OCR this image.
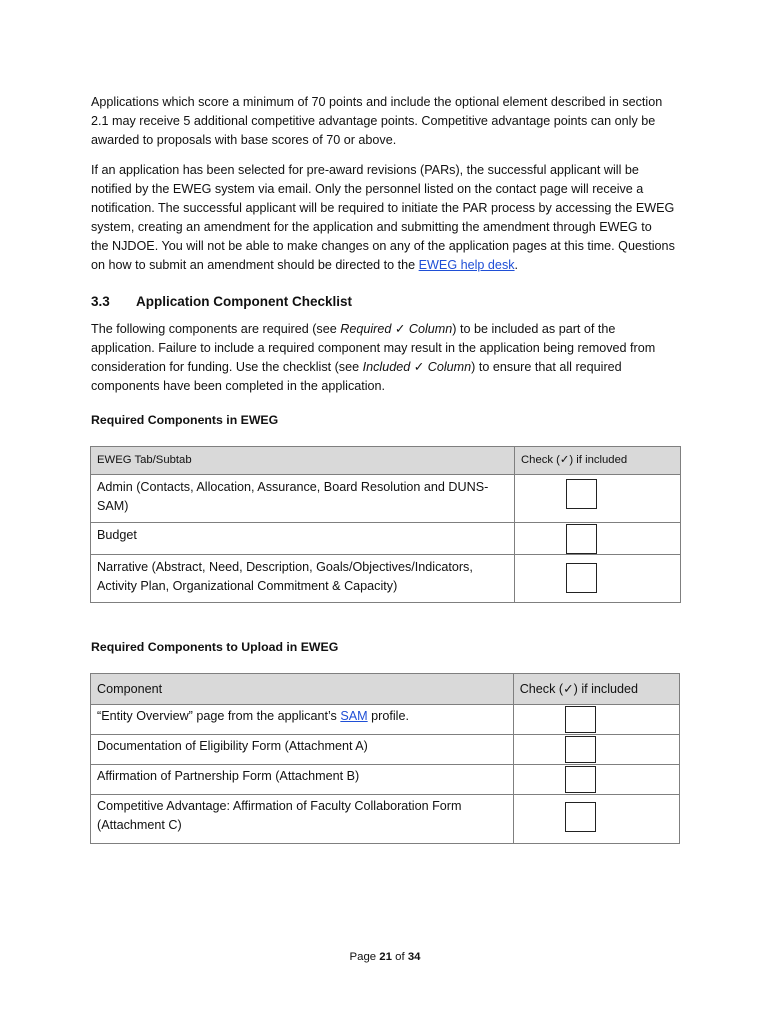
Applications which score a minimum of 70 points and include the optional element described in section
2.1 may receive 5 additional competitive advantage points. Competitive advantage points can only be
awarded to proposals with base scores of 70 or above.

If an application has been selected for pre-award revisions (PARs), the successful applicant will be
notified by the EWEG system via email. Only the personnel listed on the contact page will receive a
notification. The successful applicant will be required to initiate the PAR process by accessing the EWEG
system, creating an amendment for the application and submitting the amendment through EWEG to
the NJDOE. You will not be able to make changes on any of the application pages at this time. Questions
on how to submit an amendment should be directed to the EWEG help desk.

3.3 Application Component Checklist

The following components are required (see Required ✓ Column) to be included as part of the
application. Failure to include a required component may result in the application being removed from
consideration for funding. Use the checklist (see Included ✓ Column) to ensure that all required
components have been completed in the application.

Required Components in EWEG

EWEG Tab/Subtab	Check (✓) if included
Admin (Contacts, Allocation, Assurance, Board Resolution and DUNS-
SAM)	

Budget	

Narrative (Abstract, Need, Description, Goals/Objectives/Indicators,
Activity Plan, Organizational Commitment & Capacity)	

Required Components to Upload in EWEG

Component	Check (✓) if included
“Entity Overview” page from the applicant’s SAM profile.	

Documentation of Eligibility Form (Attachment A)	

Affirmation of Partnership Form (Attachment B)	

Competitive Advantage: Affirmation of Faculty Collaboration Form
(Attachment C)	
Page 21 of 34
